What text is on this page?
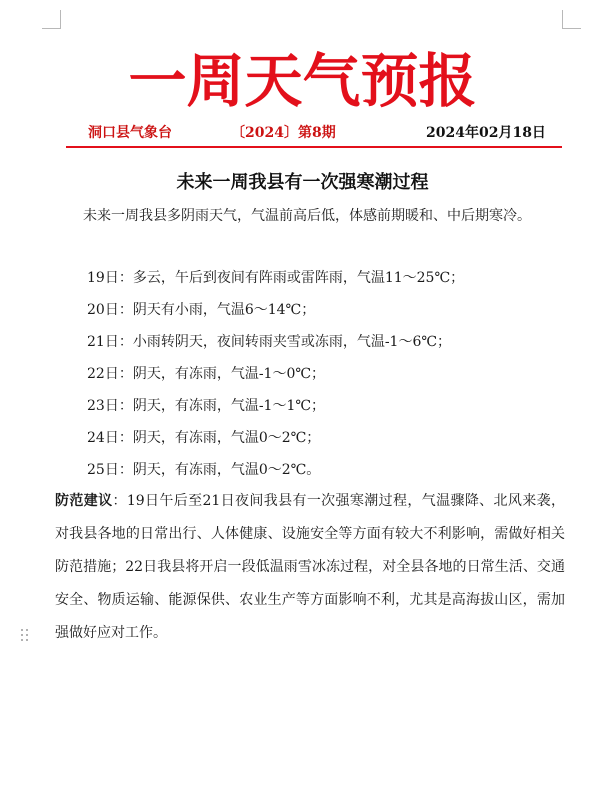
一周天气预报
洞口县气象台	〔2024〕第8期	2024年02月18日
未来一周我县有一次强寒潮过程

未来一周我县多阴雨天气，气温前高后低，体感前期暖和、中后期寒冷。

19日：多云，午后到夜间有阵雨或雷阵雨，气温11～25℃；
20日：阴天有小雨，气温6～14℃；
21日：小雨转阴天，夜间转雨夹雪或冻雨，气温-1～6℃；
22日：阴天，有冻雨，气温-1～0℃；
23日：阴天，有冻雨，气温-1～1℃；
24日：阴天，有冻雨，气温0～2℃；
25日：阴天，有冻雨，气温0～2℃。

防范建议：19日午后至21日夜间我县有一次强寒潮过程，气温骤降、北风来袭，对我县各地的日常出行、人体健康、设施安全等方面有较大不利影响，需做好相关防范措施；22日我县将开启一段低温雨雪冰冻过程，对全县各地的日常生活、交通安全、物质运输、能源保供、农业生产等方面影响不利，尤其是高海拔山区，需加强做好应对工作。
